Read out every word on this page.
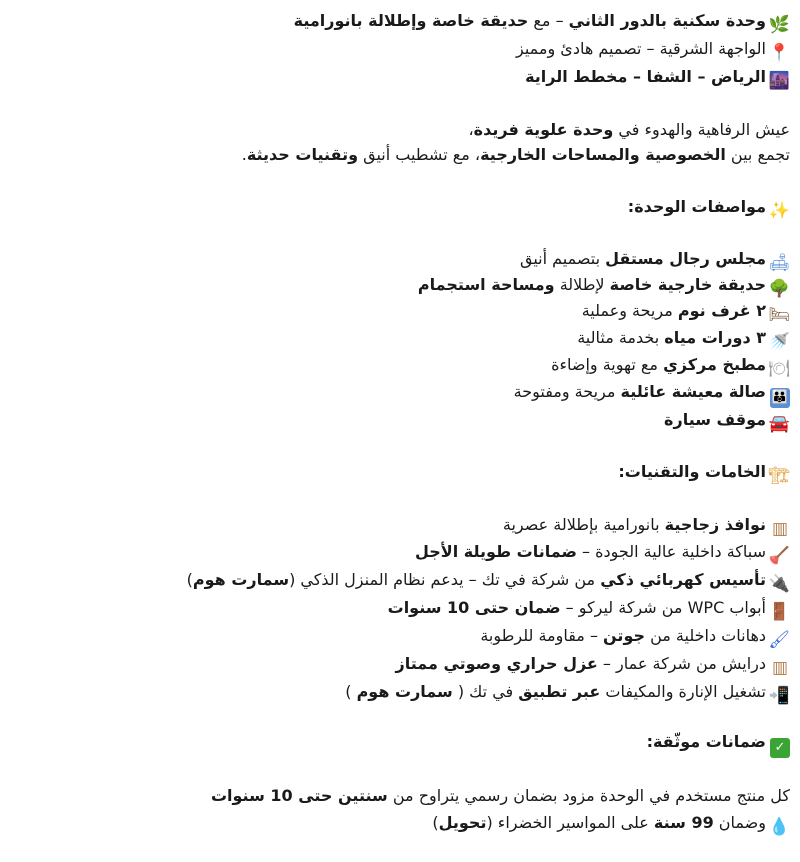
🌿وحدة سكنية بالدور الثاني – مع حديقة خاصة وإطلالة بانورامية
📍الواجهة الشرقية – تصميم هادئ ومميز
🌆الرياض – الشفا – مخطط الراية
عيش الرفاهية والهدوء في وحدة علوية فريدة،
تجمع بين الخصوصية والمساحات الخارجية، مع تشطيب أنيق وتقنيات حديثة.
✨مواصفات الوحدة:
🛋مجلس رجال مستقل بتصميم أنيق
🌳حديقة خارجية خاصة لإطلالة ومساحة استجمام
🛏٢ غرف نوم مريحة وعملية
🚿٣ دورات مياه بخدمة مثالية
🍽مطبخ مركزي مع تهوية وإضاءة
👪صالة معيشة عائلية مريحة ومفتوحة
🚘موقف سيارة
🏗الخامات والتقنيات:
▥نوافذ زجاجية بانورامية بإطلالة عصرية
🪠سباكة داخلية عالية الجودة – ضمانات طويلة الأجل
🔌تأسيس كهربائي ذكي من شركة في تك – يدعم نظام المنزل الذكي (سمارت هوم)
🚪أبواب WPC من شركة ليركو – ضمان حتى 10 سنوات
🖌دهانات داخلية من جوتن – مقاومة للرطوبة
▥درايش من شركة عمار – عزل حراري وصوتي ممتاز
📲تشغيل الإنارة والمكيفات عبر تطبيق في تك ( سمارت هوم )
✓ضمانات موثّقة:
كل منتج مستخدم في الوحدة مزود بضمان رسمي يتراوح من سنتين حتى 10 سنوات
💧وضمان 99 سنة على المواسير الخضراء (تحويل)
